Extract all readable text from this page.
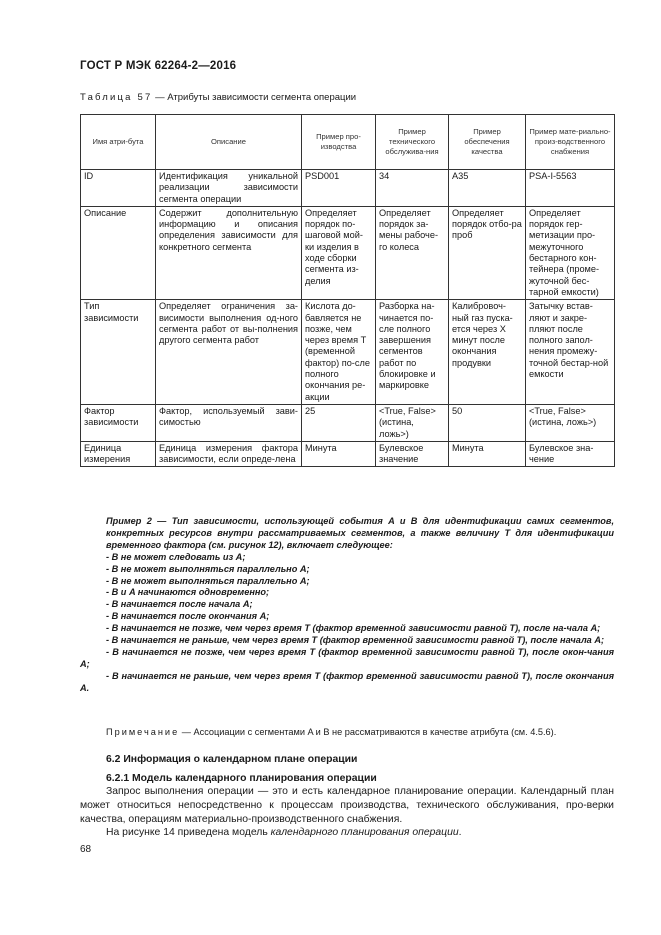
ГОСТ Р МЭК 62264-2—2016
Таблица 57 — Атрибуты зависимости сегмента операции
Имя атри-бута	Описание	Пример про-изводства	Пример технического обслужива-ния	Пример обеспечения качества	Пример мате-риально-произ-водственного снабжения
ID	Идентификация уникальной реализации зависимости сегмента операции	PSD001	34	A35	PSA-I-5563
Описание	Содержит дополнительную информацию и описания определения зависимости для конкретного сегмента	Определяет порядок по-шаговой мой-ки изделия в ходе сборки сегмента из-делия	Определяет порядок за-мены рабоче-го колеса	Определяет порядок отбо-ра проб	Определяет порядок гер-метизации про-межуточного бестарного кон-тейнера (проме-жуточной бес-тарной емкости)
Тип зависимости	Определяет ограничения за-висимости выполнения од-ного сегмента работ от вы-полнения другого сегмента работ	Кислота до-бавляется не позже, чем через время T (временной фактор) по-сле полного окончания ре-акции	Разборка на-чинается по-сле полного завершения сегментов работ по блокировке и маркировке	Калибровоч-ный газ пуска-ется через X минут после окончания продувки	Затычку встав-ляют и закре-пляют после полного запол-нения промежу-точной бестар-ной емкости
Фактор зависимости	Фактор, используемый зави-симостью	25	<True, False> (истина, ложь>)	50	<True, False> (истина, ложь>)
Единица измерения	Единица измерения фактора зависимости, если опреде-лена	Минута	Булевское значение	Минута	Булевское зна-чение

Пример 2 — Тип зависимости, использующей события A и B для идентификации самих сегментов, конкретных ресурсов внутри рассматриваемых сегментов, а также величину T для идентификации временного фактора (см. рисунок 12), включает следующее:

- B не может следовать из A;

- B не может выполняться параллельно A;

- B не может выполняться параллельно A;

- B и A начинаются одновременно;

- B начинается после начала A;

- B начинается после окончания A;

- B начинается не позже, чем через время T (фактор временной зависимости равной T), после на-чала A;

- B начинается не раньше, чем через время T (фактор временной зависимости равной T), после начала A;

- B начинается не позже, чем через время T (фактор временной зависимости равной T), после окон-чания A;

- B начинается не раньше, чем через время T (фактор временной зависимости равной T), после окончания A.

Примечание — Ассоциации с сегментами A и B не рассматриваются в качестве атрибута (см. 4.5.6).
6.2 Информация о календарном плане операции
6.2.1 Модель календарного планирования операции

Запрос выполнения операции — это и есть календарное планирование операции. Календарный план может относиться непосредственно к процессам производства, технического обслуживания, про-верки качества, операциям материально-производственного снабжения.

На рисунке 14 приведена модель календарного планирования операции.

68
